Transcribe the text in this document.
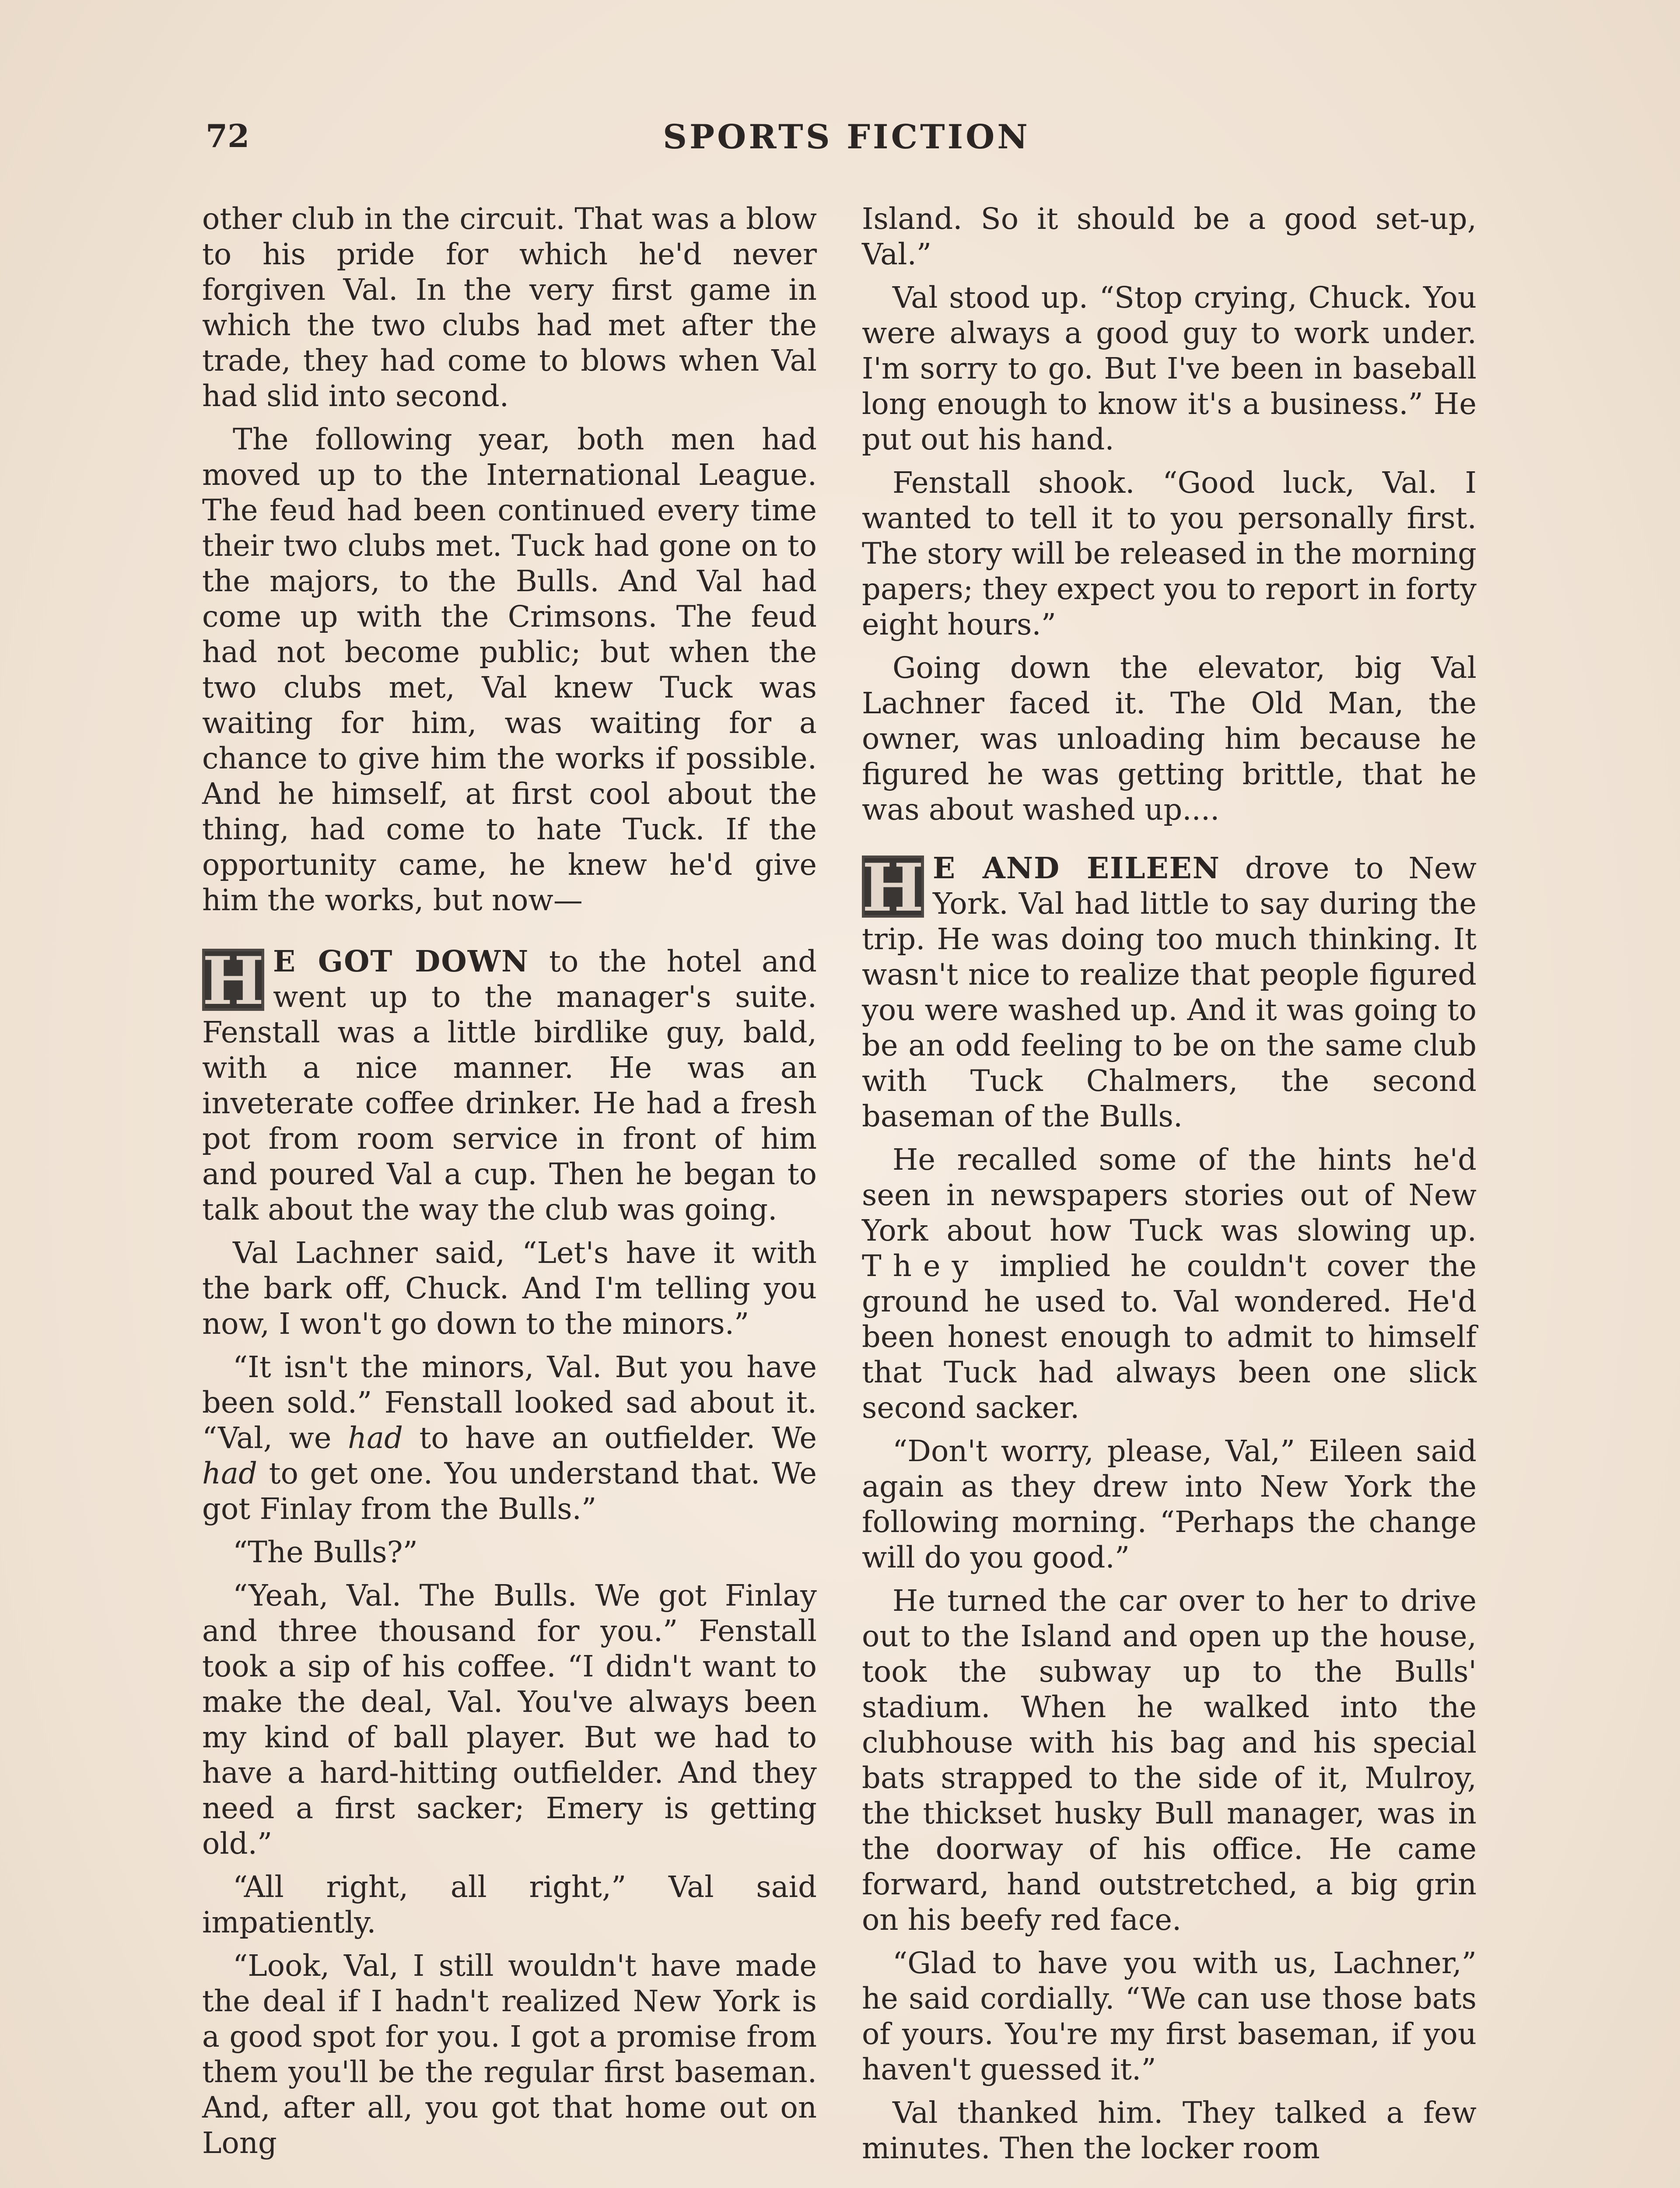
72	SPORTS FICTION

other club in the circuit. That was a blow to his pride for which he'd never forgiven Val. In the very first game in which the two clubs had met after the trade, they had come to blows when Val had slid into second.

The following year, both men had moved up to the International League. The feud had been continued every time their two clubs met. Tuck had gone on to the majors, to the Bulls. And Val had come up with the Crimsons. The feud had not become public; but when the two clubs met, Val knew Tuck was waiting for him, was waiting for a chance to give him the works if possible. And he himself, at first cool about the thing, had come to hate Tuck. If the opportunity came, he knew he'd give him the works, but now—

H E GOT DOWN to the hotel and went up to the manager's suite. Fenstall was a little birdlike guy, bald, with a nice manner. He was an inveterate coffee drinker. He had a fresh pot from room service in front of him and poured Val a cup. Then he began to talk about the way the club was going.

Val Lachner said, “Let's have it with the bark off, Chuck. And I'm telling you now, I won't go down to the minors.”

“It isn't the minors, Val. But you have been sold.” Fenstall looked sad about it. “Val, we had to have an outfielder. We had to get one. You understand that. We got Finlay from the Bulls.”

“The Bulls?”

“Yeah, Val. The Bulls. We got Finlay and three thousand for you.” Fenstall took a sip of his coffee. “I didn't want to make the deal, Val. You've always been my kind of ball player. But we had to have a hard-hitting outfielder. And they need a first sacker; Emery is getting old.”

“All right, all right,” Val said impatiently.

“Look, Val, I still wouldn't have made the deal if I hadn't realized New York is a good spot for you. I got a promise from them you'll be the regular first baseman. And, after all, you got that home out on Long

Island. So it should be a good set-up, Val.”

Val stood up. “Stop crying, Chuck. You were always a good guy to work under. I'm sorry to go. But I've been in baseball long enough to know it's a business.” He put out his hand.

Fenstall shook. “Good luck, Val. I wanted to tell it to you personally first. The story will be released in the morning papers; they expect you to report in forty eight hours.”

Going down the elevator, big Val Lachner faced it. The Old Man, the owner, was unloading him because he figured he was getting brittle, that he was about washed up....

H E AND EILEEN drove to New York. Val had little to say during the trip. He was doing too much thinking. It wasn't nice to realize that people figured you were washed up. And it was going to be an odd feeling to be on the same club with Tuck Chalmers, the second baseman of the Bulls.

He recalled some of the hints he'd seen in newspapers stories out of New York about how Tuck was slowing up. They implied he couldn't cover the ground he used to. Val wondered. He'd been honest enough to admit to himself that Tuck had always been one slick second sacker.

“Don't worry, please, Val,” Eileen said again as they drew into New York the following morning. “Perhaps the change will do you good.”

He turned the car over to her to drive out to the Island and open up the house, took the subway up to the Bulls' stadium. When he walked into the clubhouse with his bag and his special bats strapped to the side of it, Mulroy, the thickset husky Bull manager, was in the doorway of his office. He came forward, hand outstretched, a big grin on his beefy red face.

“Glad to have you with us, Lachner,” he said cordially. “We can use those bats of yours. You're my first baseman, if you haven't guessed it.”

Val thanked him. They talked a few minutes. Then the locker room
